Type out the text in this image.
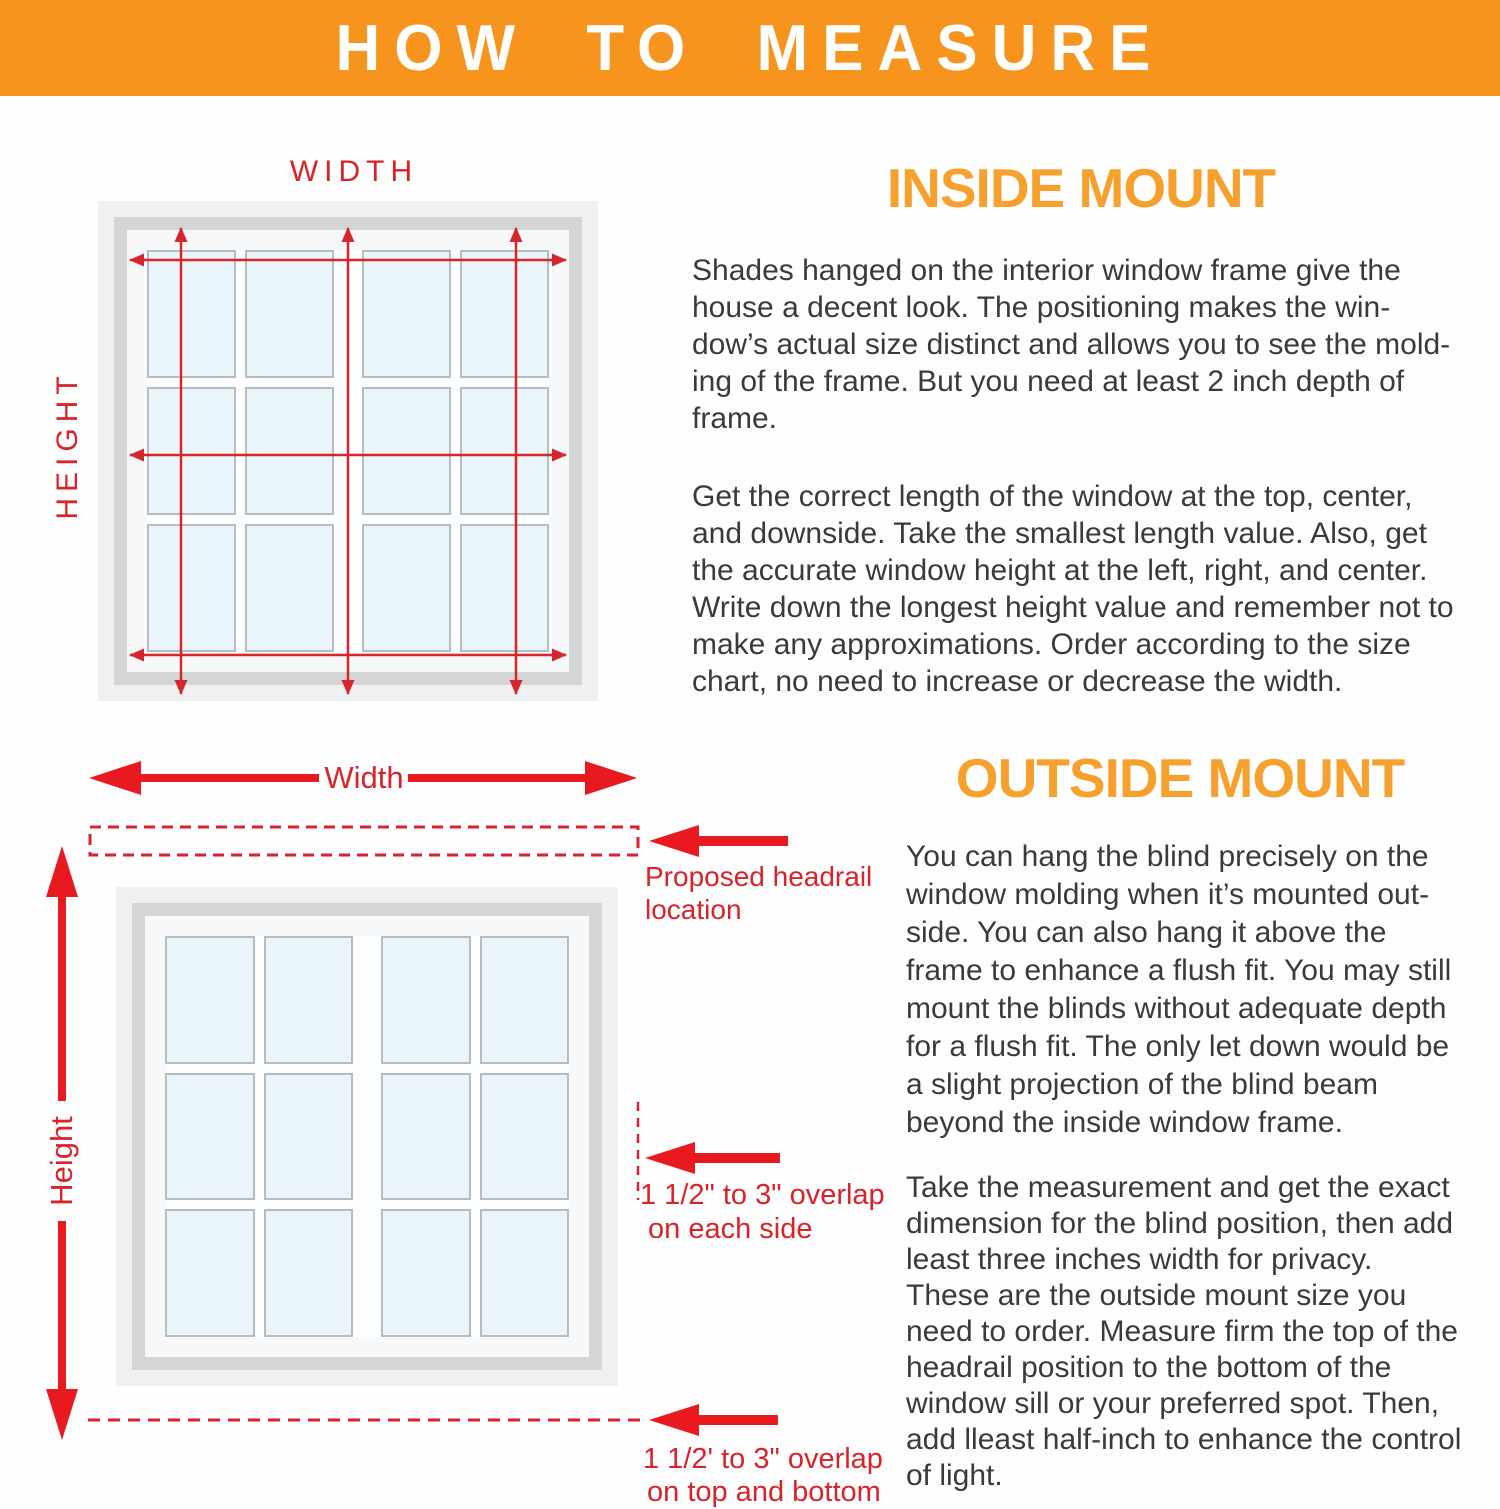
HOW TO MEASURE
WIDTH
HEIGHT
Width
Height
Proposed headrail
location
1 1/2" to 3" overlap
on each side
1 1/2' to 3" overlap
on top and bottom
INSIDE MOUNT
Shades hanged on the interior window frame give the
house a decent look. The positioning makes the win-
dow’s actual size distinct and allows you to see the mold-
ing of the frame. But you need at least 2 inch depth of
frame.
Get the correct length of the window at the top, center,
and downside. Take the smallest length value. Also, get
the accurate window height at the left, right, and center.
Write down the longest height value and remember not to
make any approximations. Order according to the size
chart, no need to increase or decrease the width.
OUTSIDE MOUNT
You can hang the blind precisely on the
window molding when it’s mounted out-
side. You can also hang it above the
frame to enhance a flush fit. You may still
mount the blinds without adequate depth
for a flush fit. The only let down would be
a slight projection of the blind beam
beyond the inside window frame.
Take the measurement and get the exact
dimension for the blind position, then add
least three inches width for privacy.
These are the outside mount size you
need to order. Measure firm the top of the
headrail position to the bottom of the
window sill or your preferred spot. Then,
add lleast half-inch to enhance the control
of light.
